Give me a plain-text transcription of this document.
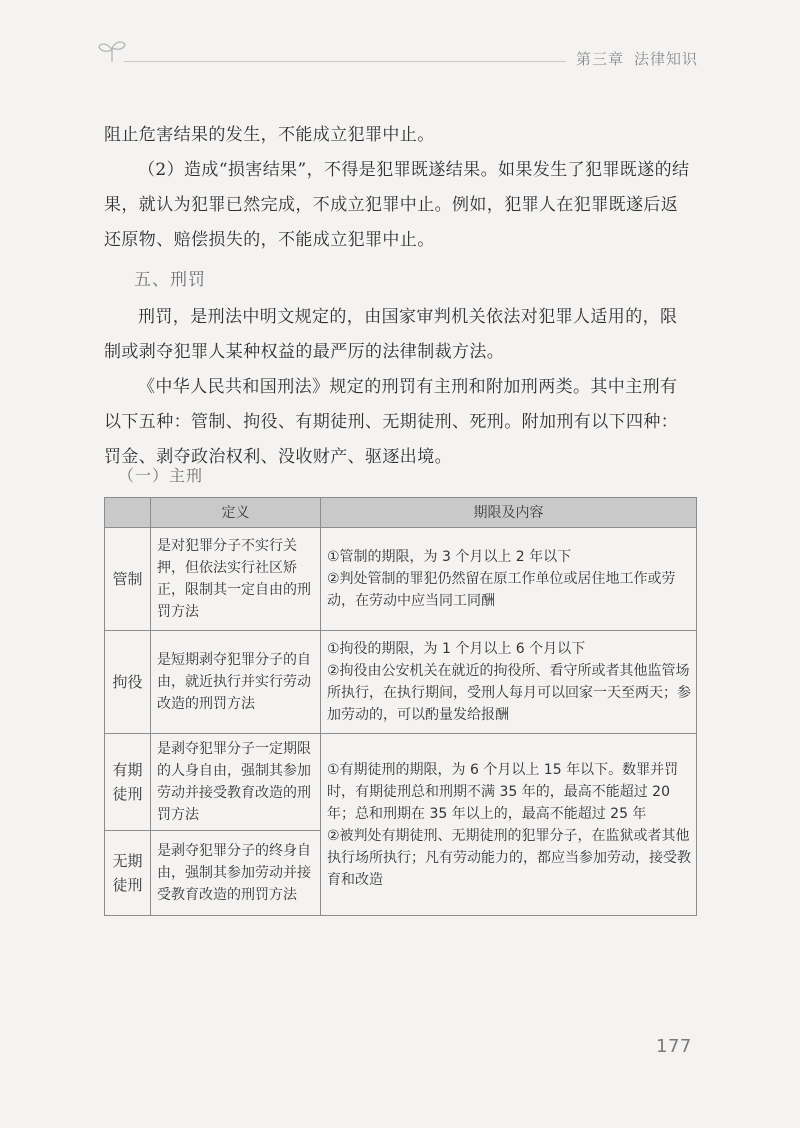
第三章 法律知识
阻止危害结果的发生，不能成立犯罪中止。
（2）造成“损害结果”，不得是犯罪既遂结果。如果发生了犯罪既遂的结果，就认为犯罪已然完成，不成立犯罪中止。例如，犯罪人在犯罪既遂后返还原物、赔偿损失的，不能成立犯罪中止。
五、刑罚
刑罚，是刑法中明文规定的，由国家审判机关依法对犯罪人适用的，限制或剥夺犯罪人某种权益的最严厉的法律制裁方法。
《中华人民共和国刑法》规定的刑罚有主刑和附加刑两类。其中主刑有以下五种：管制、拘役、有期徒刑、无期徒刑、死刑。附加刑有以下四种：罚金、剥夺政治权利、没收财产、驱逐出境。
（一）主刑
	定义	期限及内容
管制	是对犯罪分子不实行关押，但依法实行社区矫正，限制其一定自由的刑罚方法	①管制的期限，为 3 个月以上 2 年以下
②判处管制的罪犯仍然留在原工作单位或居住地工作或劳动，在劳动中应当同工同酬
拘役	是短期剥夺犯罪分子的自由，就近执行并实行劳动改造的刑罚方法	①拘役的期限，为 1 个月以上 6 个月以下
②拘役由公安机关在就近的拘役所、看守所或者其他监管场所执行，在执行期间，受刑人每月可以回家一天至两天；参加劳动的，可以酌量发给报酬
有期
徒刑	是剥夺犯罪分子一定期限的人身自由，强制其参加劳动并接受教育改造的刑罚方法	①有期徒刑的期限，为 6 个月以上 15 年以下。数罪并罚时，有期徒刑总和刑期不满 35 年的，最高不能超过 20 年；总和刑期在 35 年以上的，最高不能超过 25 年
②被判处有期徒刑、无期徒刑的犯罪分子，在监狱或者其他执行场所执行；凡有劳动能力的，都应当参加劳动，接受教育和改造
无期
徒刑	是剥夺犯罪分子的终身自由，强制其参加劳动并接受教育改造的刑罚方法	
177
